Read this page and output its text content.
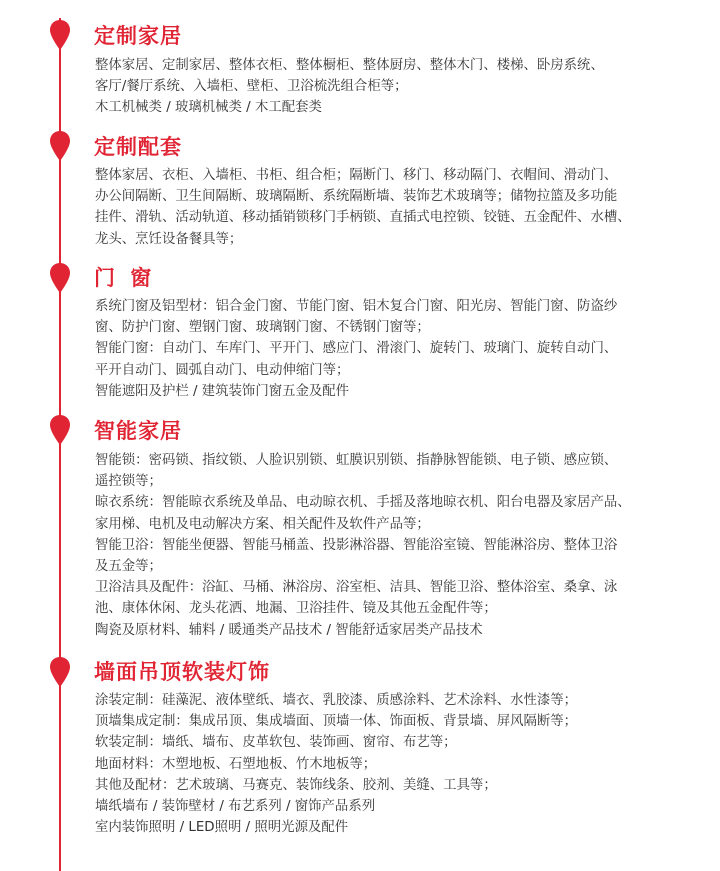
定制家居
整体家居、定制家居、整体衣柜、整体橱柜、整体厨房、整体木门、楼梯、卧房系统、
客厅/餐厅系统、入墙柜、壁柜、卫浴梳洗组合柜等；
木工机械类 / 玻璃机械类 / 木工配套类
定制配套
整体家居、衣柜、入墙柜、书柜、组合柜；隔断门、移门、移动隔门、衣帽间、滑动门、
办公间隔断、卫生间隔断、玻璃隔断、系统隔断墙、装饰艺术玻璃等；储物拉篮及多功能
挂件、滑轨、活动轨道、移动插销锁移门手柄锁、直插式电控锁、铰链、五金配件、水槽、
龙头、烹饪设备餐具等；
门 窗
系统门窗及铝型材：铝合金门窗、节能门窗、铝木复合门窗、阳光房、智能门窗、防盗纱
窗、防护门窗、塑钢门窗、玻璃钢门窗、不锈钢门窗等；
智能门窗：自动门、车库门、平开门、感应门、滑滚门、旋转门、玻璃门、旋转自动门、
平开自动门、圆弧自动门、电动伸缩门等；
智能遮阳及护栏 / 建筑装饰门窗五金及配件
智能家居
智能锁：密码锁、指纹锁、人脸识别锁、虹膜识别锁、指静脉智能锁、电子锁、感应锁、
遥控锁等；
晾衣系统：智能晾衣系统及单品、电动晾衣机、手摇及落地晾衣机、阳台电器及家居产品、
家用梯、电机及电动解决方案、相关配件及软件产品等；
智能卫浴：智能坐便器、智能马桶盖、投影淋浴器、智能浴室镜、智能淋浴房、整体卫浴
及五金等；
卫浴洁具及配件：浴缸、马桶、淋浴房、浴室柜、洁具、智能卫浴、整体浴室、桑拿、泳
池、康体休闲、龙头花洒、地漏、卫浴挂件、镜及其他五金配件等；
陶瓷及原材料、辅料 / 暖通类产品技术 / 智能舒适家居类产品技术
墙面吊顶软装灯饰
涂装定制：硅藻泥、液体壁纸、墙衣、乳胶漆、质感涂料、艺术涂料、水性漆等；
顶墙集成定制：集成吊顶、集成墙面、顶墙一体、饰面板、背景墙、屏风隔断等；
软装定制：墙纸、墙布、皮革软包、装饰画、窗帘、布艺等；
地面材料：木塑地板、石塑地板、竹木地板等；
其他及配材：艺术玻璃、马赛克、装饰线条、胶剂、美缝、工具等；
墙纸墙布 / 装饰壁材 / 布艺系列 / 窗饰产品系列
室内装饰照明 / LED照明 / 照明光源及配件
